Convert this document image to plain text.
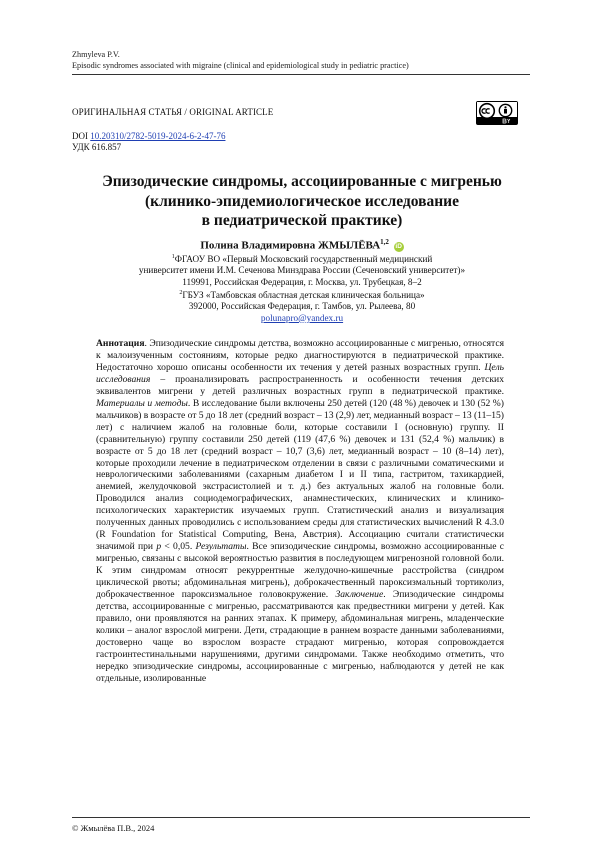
Zhmyleva P.V.
Episodic syndromes associated with migraine (clinical and epidemiological study in pediatric practice)
ОРИГИНАЛЬНАЯ СТАТЬЯ / ORIGINAL ARTICLE
DOI 10.20310/2782-5019-2024-6-2-47-76
УДК 616.857
Эпизодические синдромы, ассоциированные с мигренью
(клинико-эпидемиологическое исследование
в педиатрической практике)
Полина Владимировна ЖМЫЛЁВА$^{1,2}$ iD
$^1$ФГАОУ ВО «Первый Московский государственный медицинский
университет имени И.М. Сеченова Минздрава России (Сеченовский университет)»
119991, Российская Федерация, г. Москва, ул. Трубецкая, 8–2
$^2$ГБУЗ «Тамбовская областная детская клиническая больница»
392000, Российская Федерация, г. Тамбов, ул. Рылеева, 80
polunapro@yandex.ru
Аннотация. Эпизодические синдромы детства, возможно ассоциированные с мигренью, относятся к малоизученным состояниям, которые редко диагностируются в педиатрической практике. Недостаточно хорошо описаны особенности их течения у детей разных возрастных групп. Цель исследования – проанализировать распространенность и особенности течения детских эквивалентов мигрени у детей различных возрастных групп в педиатрической практике. Материалы и методы. В исследование были включены 250 детей (120 (48 %) девочек и 130 (52 %) мальчиков) в возрасте от 5 до 18 лет (средний возраст – 13 (2,9) лет, медианный возраст – 13 (11–15) лет) с наличием жалоб на головные боли, которые составили I (основную) группу. II (сравнительную) группу составили 250 детей (119 (47,6 %) девочек и 131 (52,4 %) мальчик) в возрасте от 5 до 18 лет (средний возраст – 10,7 (3,6) лет, медианный возраст – 10 (8–14) лет), которые проходили лечение в педиатрическом отделении в связи с различными соматическими и неврологическими заболеваниями (сахарным диабетом I и II типа, гастритом, тахикардией, анемией, желудочковой экстрасистолией и т. д.) без актуальных жалоб на головные боли. Проводился анализ социодемографических, анамнестических, клинических и клинико-психологических характеристик изучаемых групп. Статистический анализ и визуализация полученных данных проводились с использованием среды для статистических вычислений R 4.3.0 (R Foundation for Statistical Computing, Вена, Австрия). Ассоциацию считали статистически значимой при p < 0,05. Результаты. Все эпизодические синдромы, возможно ассоциированные с мигренью, связаны с высокой вероятностью развития в последующем мигренозной головной боли. К этим синдромам относят рекуррентные желудочно-кишечные расстройства (синдром циклической рвоты; абдоминальная мигрень), доброкачественный пароксизмальный тортиколиз, доброкачественное пароксизмальное головокружение. Заключение. Эпизодические синдромы детства, ассоциированные с мигренью, рассматриваются как предвестники мигрени у детей. Как правило, они проявляются на ранних этапах. К примеру, абдоминальная мигрень, младенческие колики – аналог взрослой мигрени. Дети, страдающие в раннем возрасте данными заболеваниями, достоверно чаще во взрослом возрасте страдают мигренью, которая сопровождается гастроинтестинальными нарушениями, другими синдромами. Также необходимо отметить, что нередко эпизодические синдромы, ассоциированные с мигренью, наблюдаются у детей не как отдельные, изолированные
© Жмылёва П.В., 2024
